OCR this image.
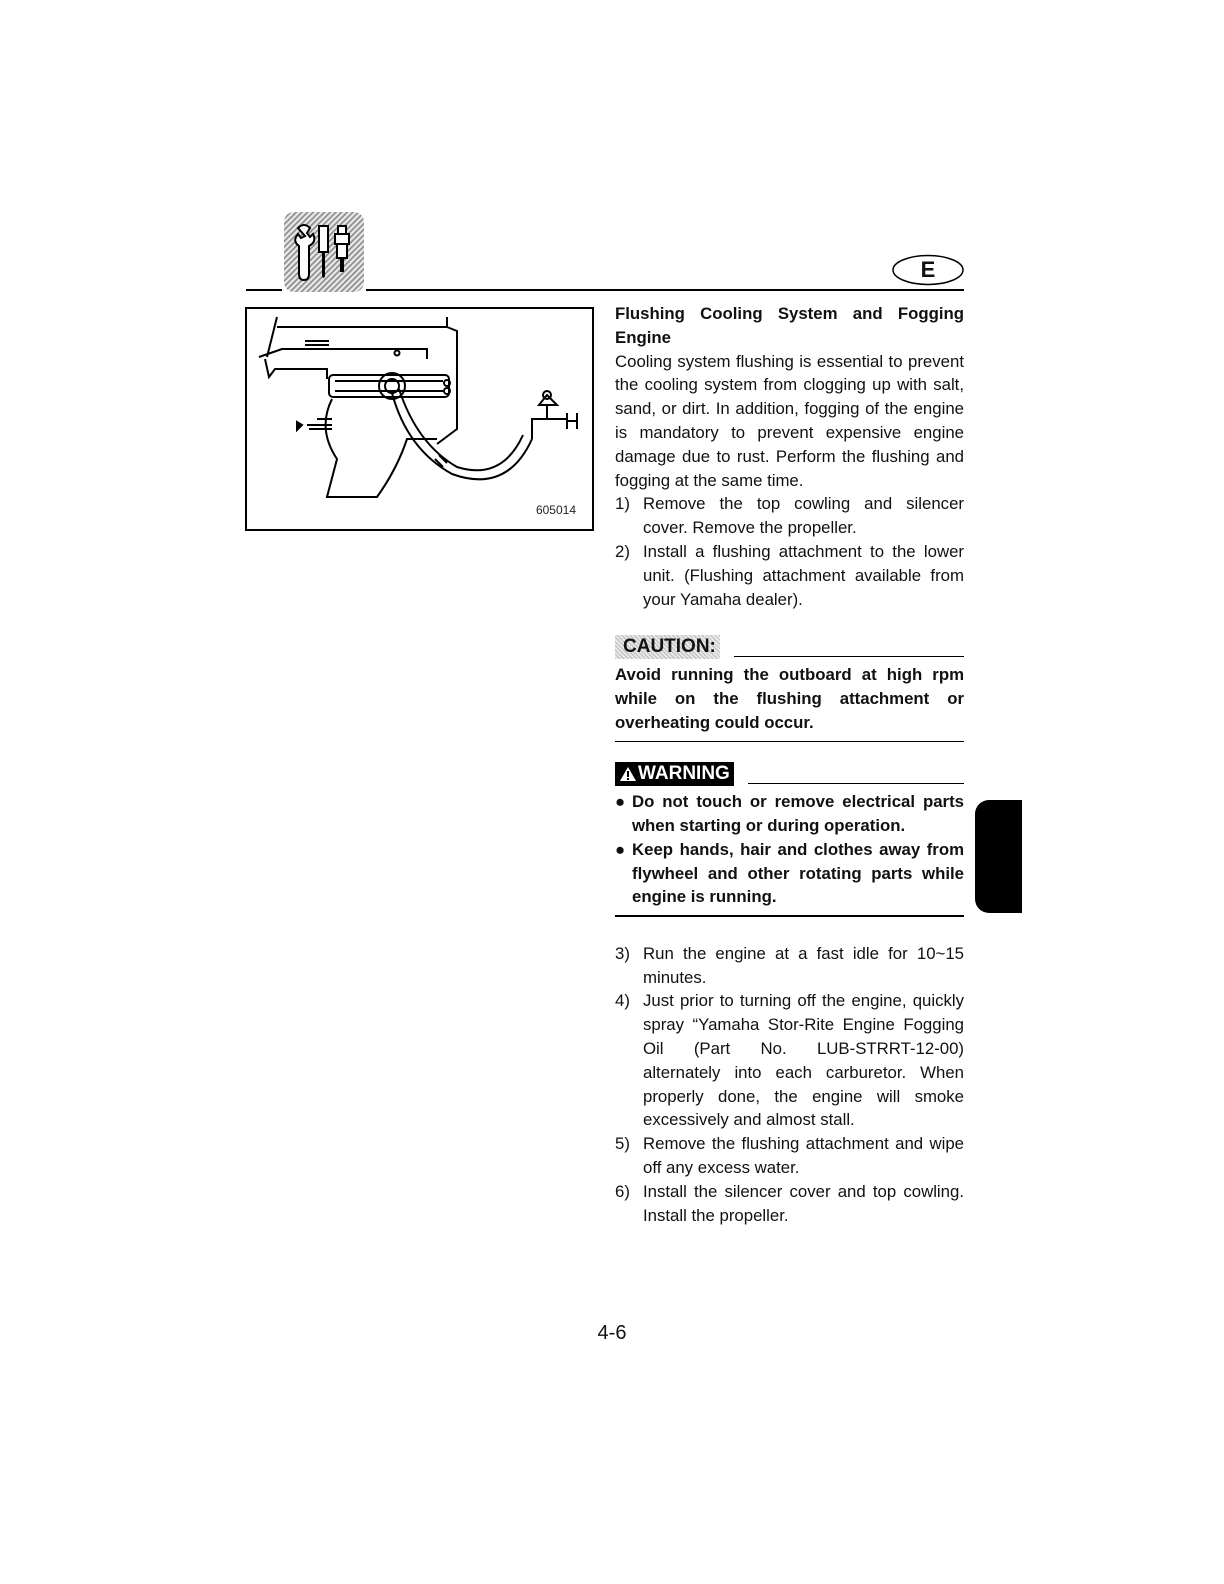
E
605014

Flushing Cooling System and Fogging Engine

Cooling system flushing is essential to prevent the cooling system from clogging up with salt, sand, or dirt. In addition, fogging of the engine is mandatory to prevent expensive engine damage due to rust. Perform the flushing and fogging at the same time.

1) Remove the top cowling and silencer cover. Remove the propeller.
2) Install a flushing attachment to the lower unit. (Flushing attachment available from your Yamaha dealer).
CAUTION:

Avoid running the outboard at high rpm while on the flushing attachment or overheating could occur.

WARNING
● Do not touch or remove electrical parts when starting or during operation.
● Keep hands, hair and clothes away from flywheel and other rotating parts while engine is running.
3) Run the engine at a fast idle for 10~15 minutes.
4) Just prior to turning off the engine, quickly spray “Yamaha Stor-Rite Engine Fogging Oil (Part No. LUB-STRRT-12-00) alternately into each carburetor. When properly done, the engine will smoke excessively and almost stall.
5) Remove the flushing attachment and wipe off any excess water.
6) Install the silencer cover and top cowling. Install the propeller.
4-6
